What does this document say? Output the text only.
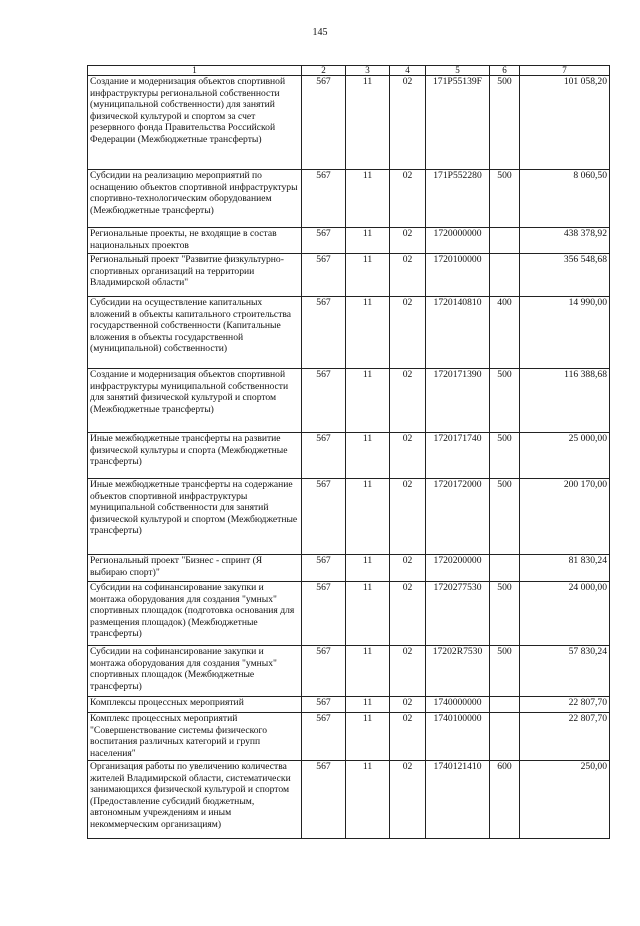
145
1	2	3	4	5	6	7
Создание и модернизация объектов спортивной инфраструктуры региональной собственности (муниципальной собственности) для занятий физической культурой и спортом за счет резервного фонда Правительства Российской Федерации (Межбюджетные трансферты)	567	11	02	171P55139F	500	101 058,20
Субсидии на реализацию мероприятий по оснащению объектов спортивной инфраструктуры спортивно-технологическим оборудованием (Межбюджетные трансферты)	567	11	02	171P552280	500	8 060,50
Региональные проекты, не входящие в состав национальных проектов	567	11	02	1720000000		438 378,92
Региональный проект "Развитие физкультурно-спортивных организаций на территории Владимирской области"	567	11	02	1720100000		356 548,68
Субсидии на осуществление капитальных вложений в объекты капитального строительства государственной собственности (Капитальные вложения в объекты государственной (муниципальной) собственности)	567	11	02	1720140810	400	14 990,00
Создание и модернизация объектов спортивной инфраструктуры муниципальной собственности для занятий физической культурой и спортом (Межбюджетные трансферты)	567	11	02	1720171390	500	116 388,68
Иные межбюджетные трансферты на развитие физической культуры и спорта (Межбюджетные трансферты)	567	11	02	1720171740	500	25 000,00
Иные межбюджетные трансферты на содержание объектов спортивной инфраструктуры муниципальной собственности для занятий физической культурой и спортом (Межбюджетные трансферты)	567	11	02	1720172000	500	200 170,00
Региональный проект "Бизнес - спринт (Я выбираю спорт)"	567	11	02	1720200000		81 830,24
Субсидии на софинансирование закупки и монтажа оборудования для создания "умных" спортивных площадок (подготовка основания для размещения площадок) (Межбюджетные трансферты)	567	11	02	1720277530	500	24 000,00
Субсидии на софинансирование закупки и монтажа оборудования для создания "умных" спортивных площадок (Межбюджетные трансферты)	567	11	02	17202R7530	500	57 830,24
Комплексы процессных мероприятий	567	11	02	1740000000		22 807,70
Комплекс процессных мероприятий "Совершенствование системы физического воспитания различных категорий и групп населения"	567	11	02	1740100000		22 807,70
Организация работы по увеличению количества жителей Владимирской области, систематически занимающихся физической культурой и спортом (Предоставление субсидий бюджетным, автономным учреждениям и иным некоммерческим организациям)	567	11	02	1740121410	600	250,00
